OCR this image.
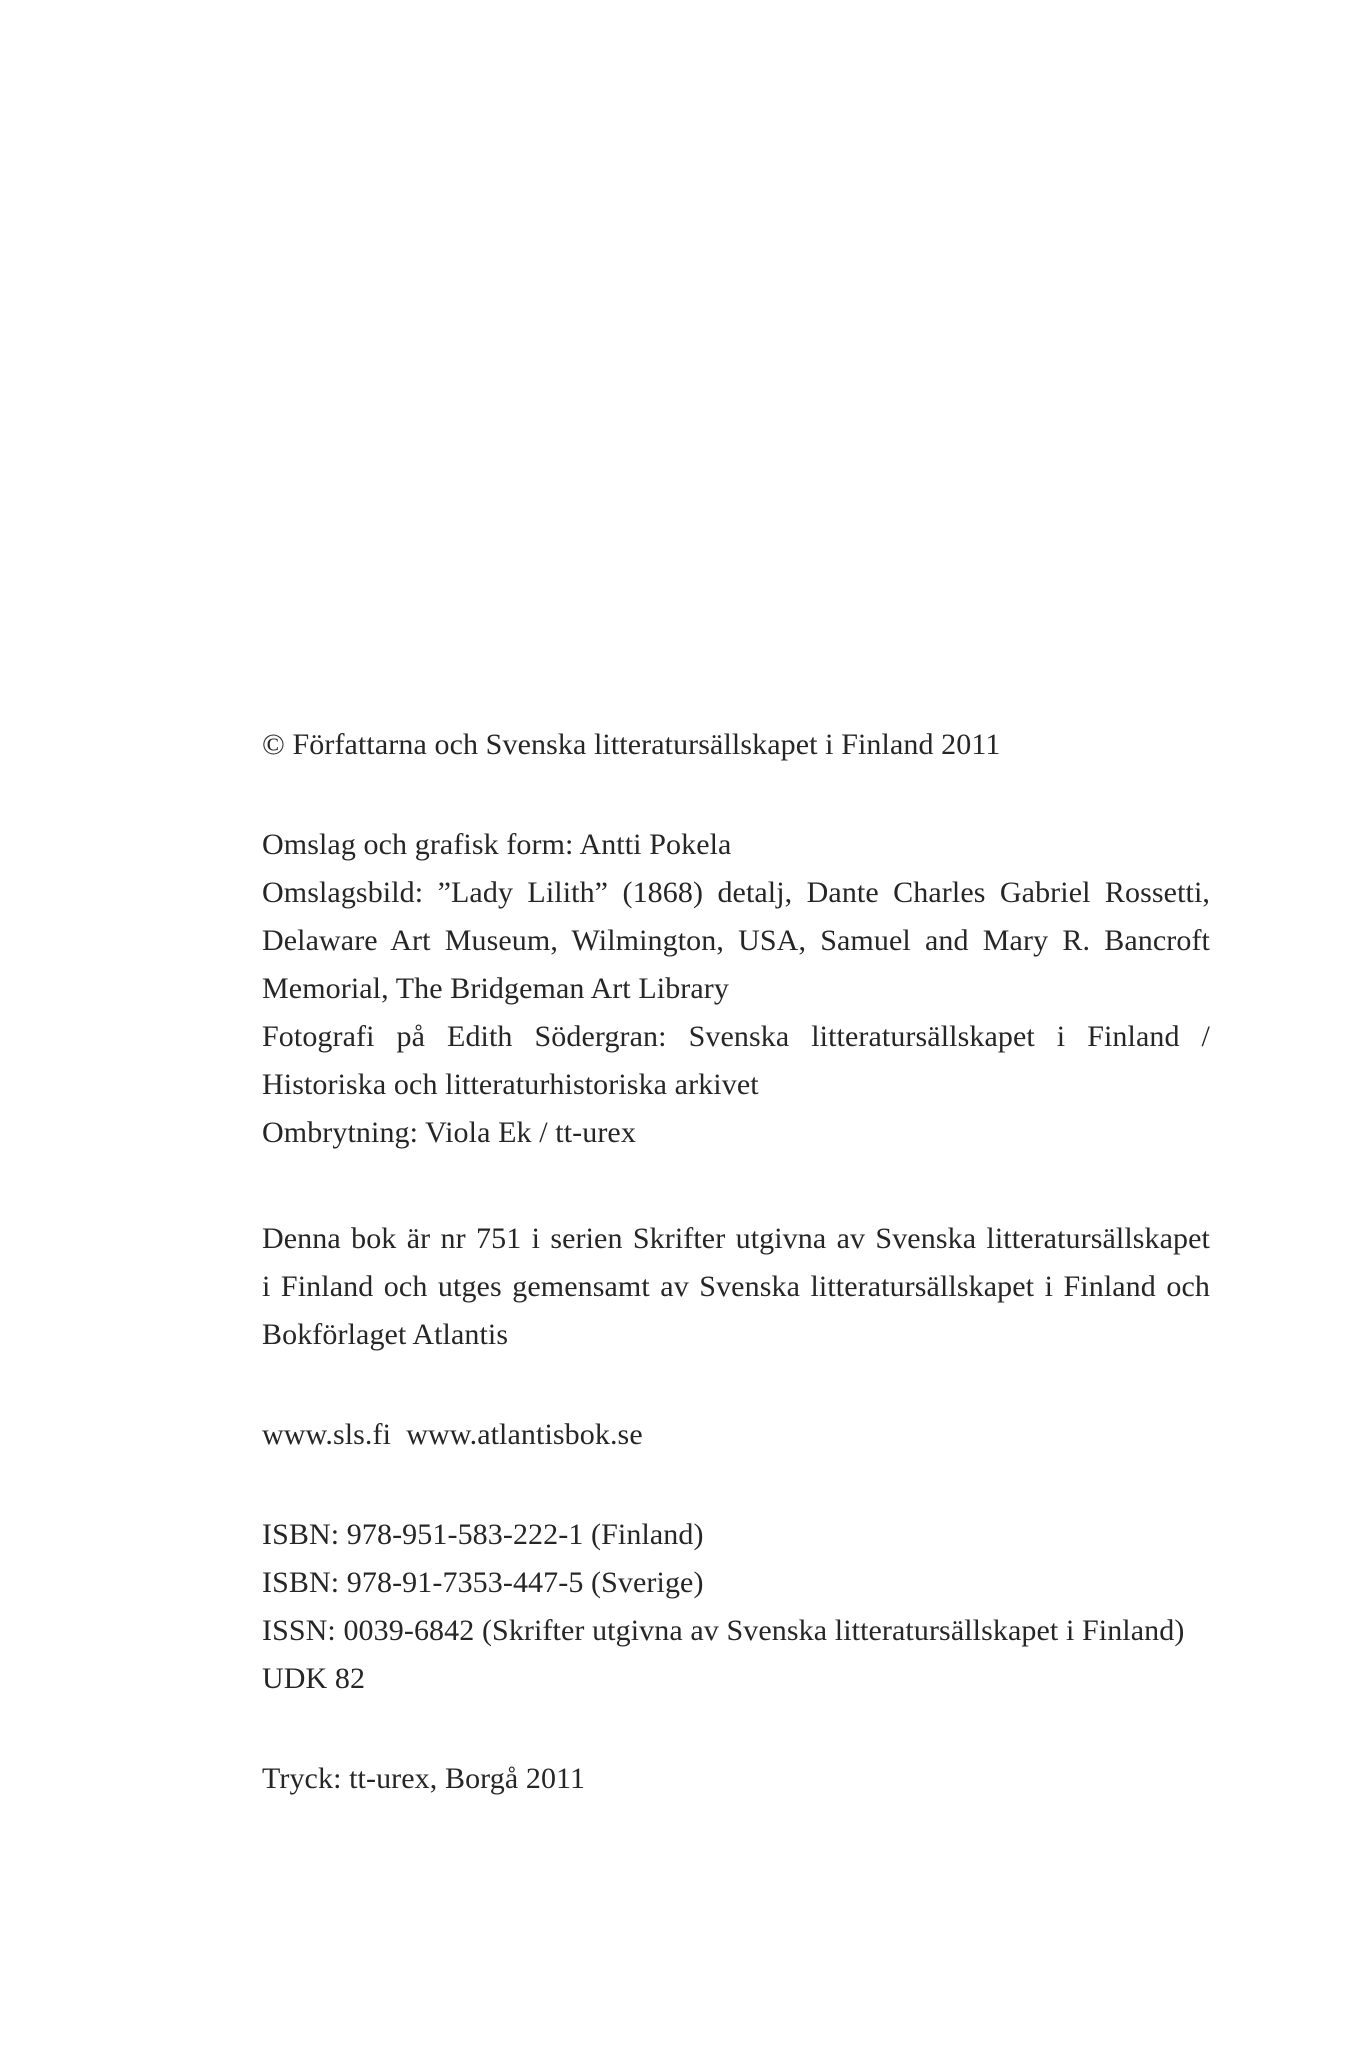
© Författarna och Svenska litteratursällskapet i Finland 2011
Omslag och grafisk form: Antti Pokela
Omslagsbild: ”Lady Lilith” (1868) detalj, Dante Charles Gabriel Rossetti,
Delaware Art Museum, Wilmington, USA, Samuel and Mary R. Bancroft
Memorial, The Bridgeman Art Library
Fotografi på Edith Södergran: Svenska litteratursällskapet i Finland /
Historiska och litteraturhistoriska arkivet
Ombrytning: Viola Ek / tt-urex
Denna bok är nr 751 i serien Skrifter utgivna av Svenska litteratursällskapet
i Finland och utges gemensamt av Svenska litteratursällskapet i Finland och
Bokförlaget Atlantis
www.sls.fi  www.atlantisbok.se
ISBN: 978-951-583-222-1 (Finland)
ISBN: 978-91-7353-447-5 (Sverige)
ISSN: 0039-6842 (Skrifter utgivna av Svenska litteratursällskapet i Finland)
UDK 82
Tryck: tt-urex, Borgå 2011
